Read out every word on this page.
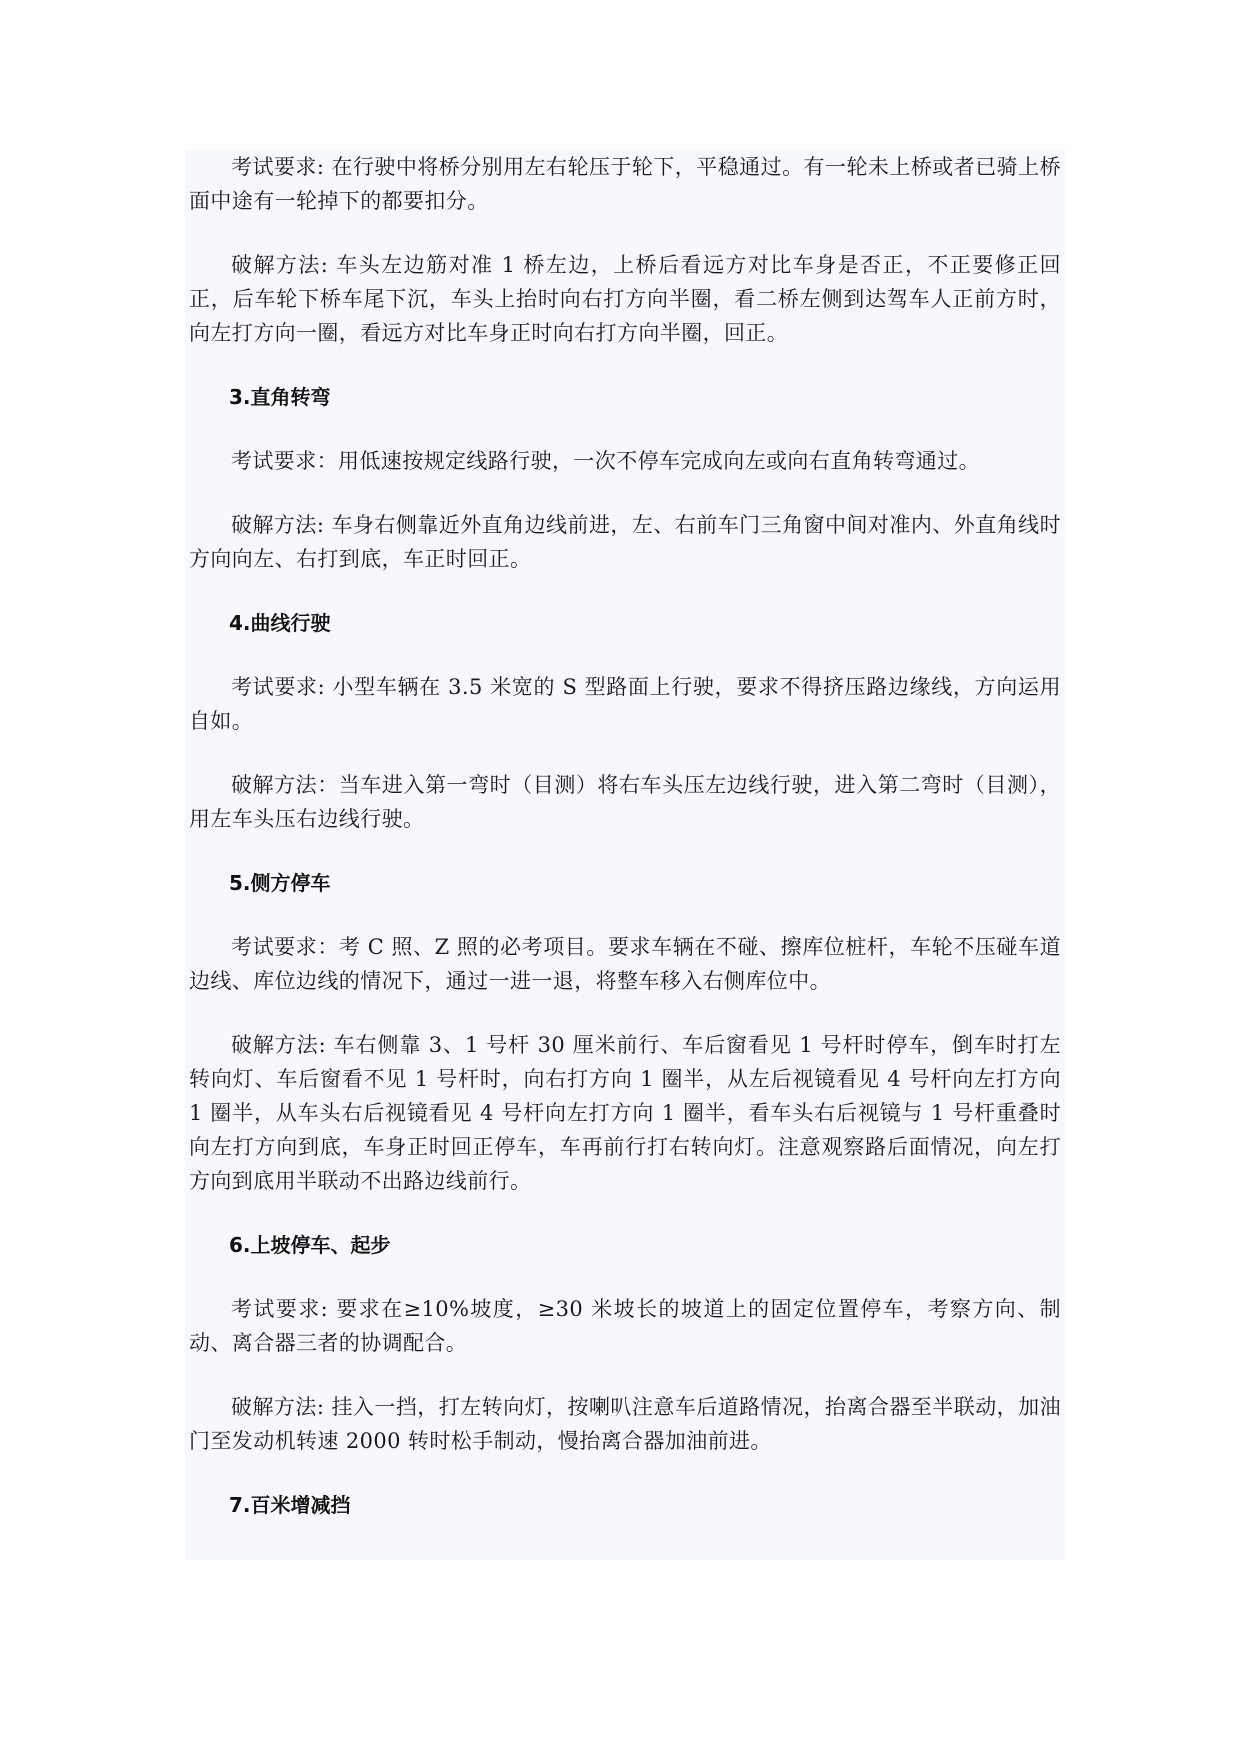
考试要求: 在行驶中将桥分别用左右轮压于轮下，平稳通过。有一轮未上桥或者已骑上桥面中途有一轮掉下的都要扣分。

破解方法: 车头左边筋对准 1 桥左边，上桥后看远方对比车身是否正，不正要修正回正，后车轮下桥车尾下沉，车头上抬时向右打方向半圈，看二桥左侧到达驾车人正前方时，向左打方向一圈，看远方对比车身正时向右打方向半圈，回正。

3.直角转弯

考试要求：用低速按规定线路行驶，一次不停车完成向左或向右直角转弯通过。

破解方法: 车身右侧靠近外直角边线前进，左、右前车门三角窗中间对准内、外直角线时方向向左、右打到底，车正时回正。

4.曲线行驶

考试要求: 小型车辆在 3.5 米宽的 S 型路面上行驶，要求不得挤压路边缘线，方向运用自如。

破解方法：当车进入第一弯时（目测）将右车头压左边线行驶，进入第二弯时（目测），用左车头压右边线行驶。

5.侧方停车

考试要求：考 C 照、Z 照的必考项目。要求车辆在不碰、擦库位桩杆，车轮不压碰车道边线、库位边线的情况下，通过一进一退，将整车移入右侧库位中。

破解方法: 车右侧靠 3、1 号杆 30 厘米前行、车后窗看见 1 号杆时停车，倒车时打左转向灯、车后窗看不见 1 号杆时，向右打方向 1 圈半，从左后视镜看见 4 号杆向左打方向 1 圈半，从车头右后视镜看见 4 号杆向左打方向 1 圈半，看车头右后视镜与 1 号杆重叠时向左打方向到底，车身正时回正停车，车再前行打右转向灯。注意观察路后面情况，向左打方向到底用半联动不出路边线前行。

6.上坡停车、起步

考试要求: 要求在≥10%坡度，≥30 米坡长的坡道上的固定位置停车，考察方向、制动、离合器三者的协调配合。

破解方法: 挂入一挡，打左转向灯，按喇叭注意车后道路情况，抬离合器至半联动，加油门至发动机转速 2000 转时松手制动，慢抬离合器加油前进。

7.百米增减挡
